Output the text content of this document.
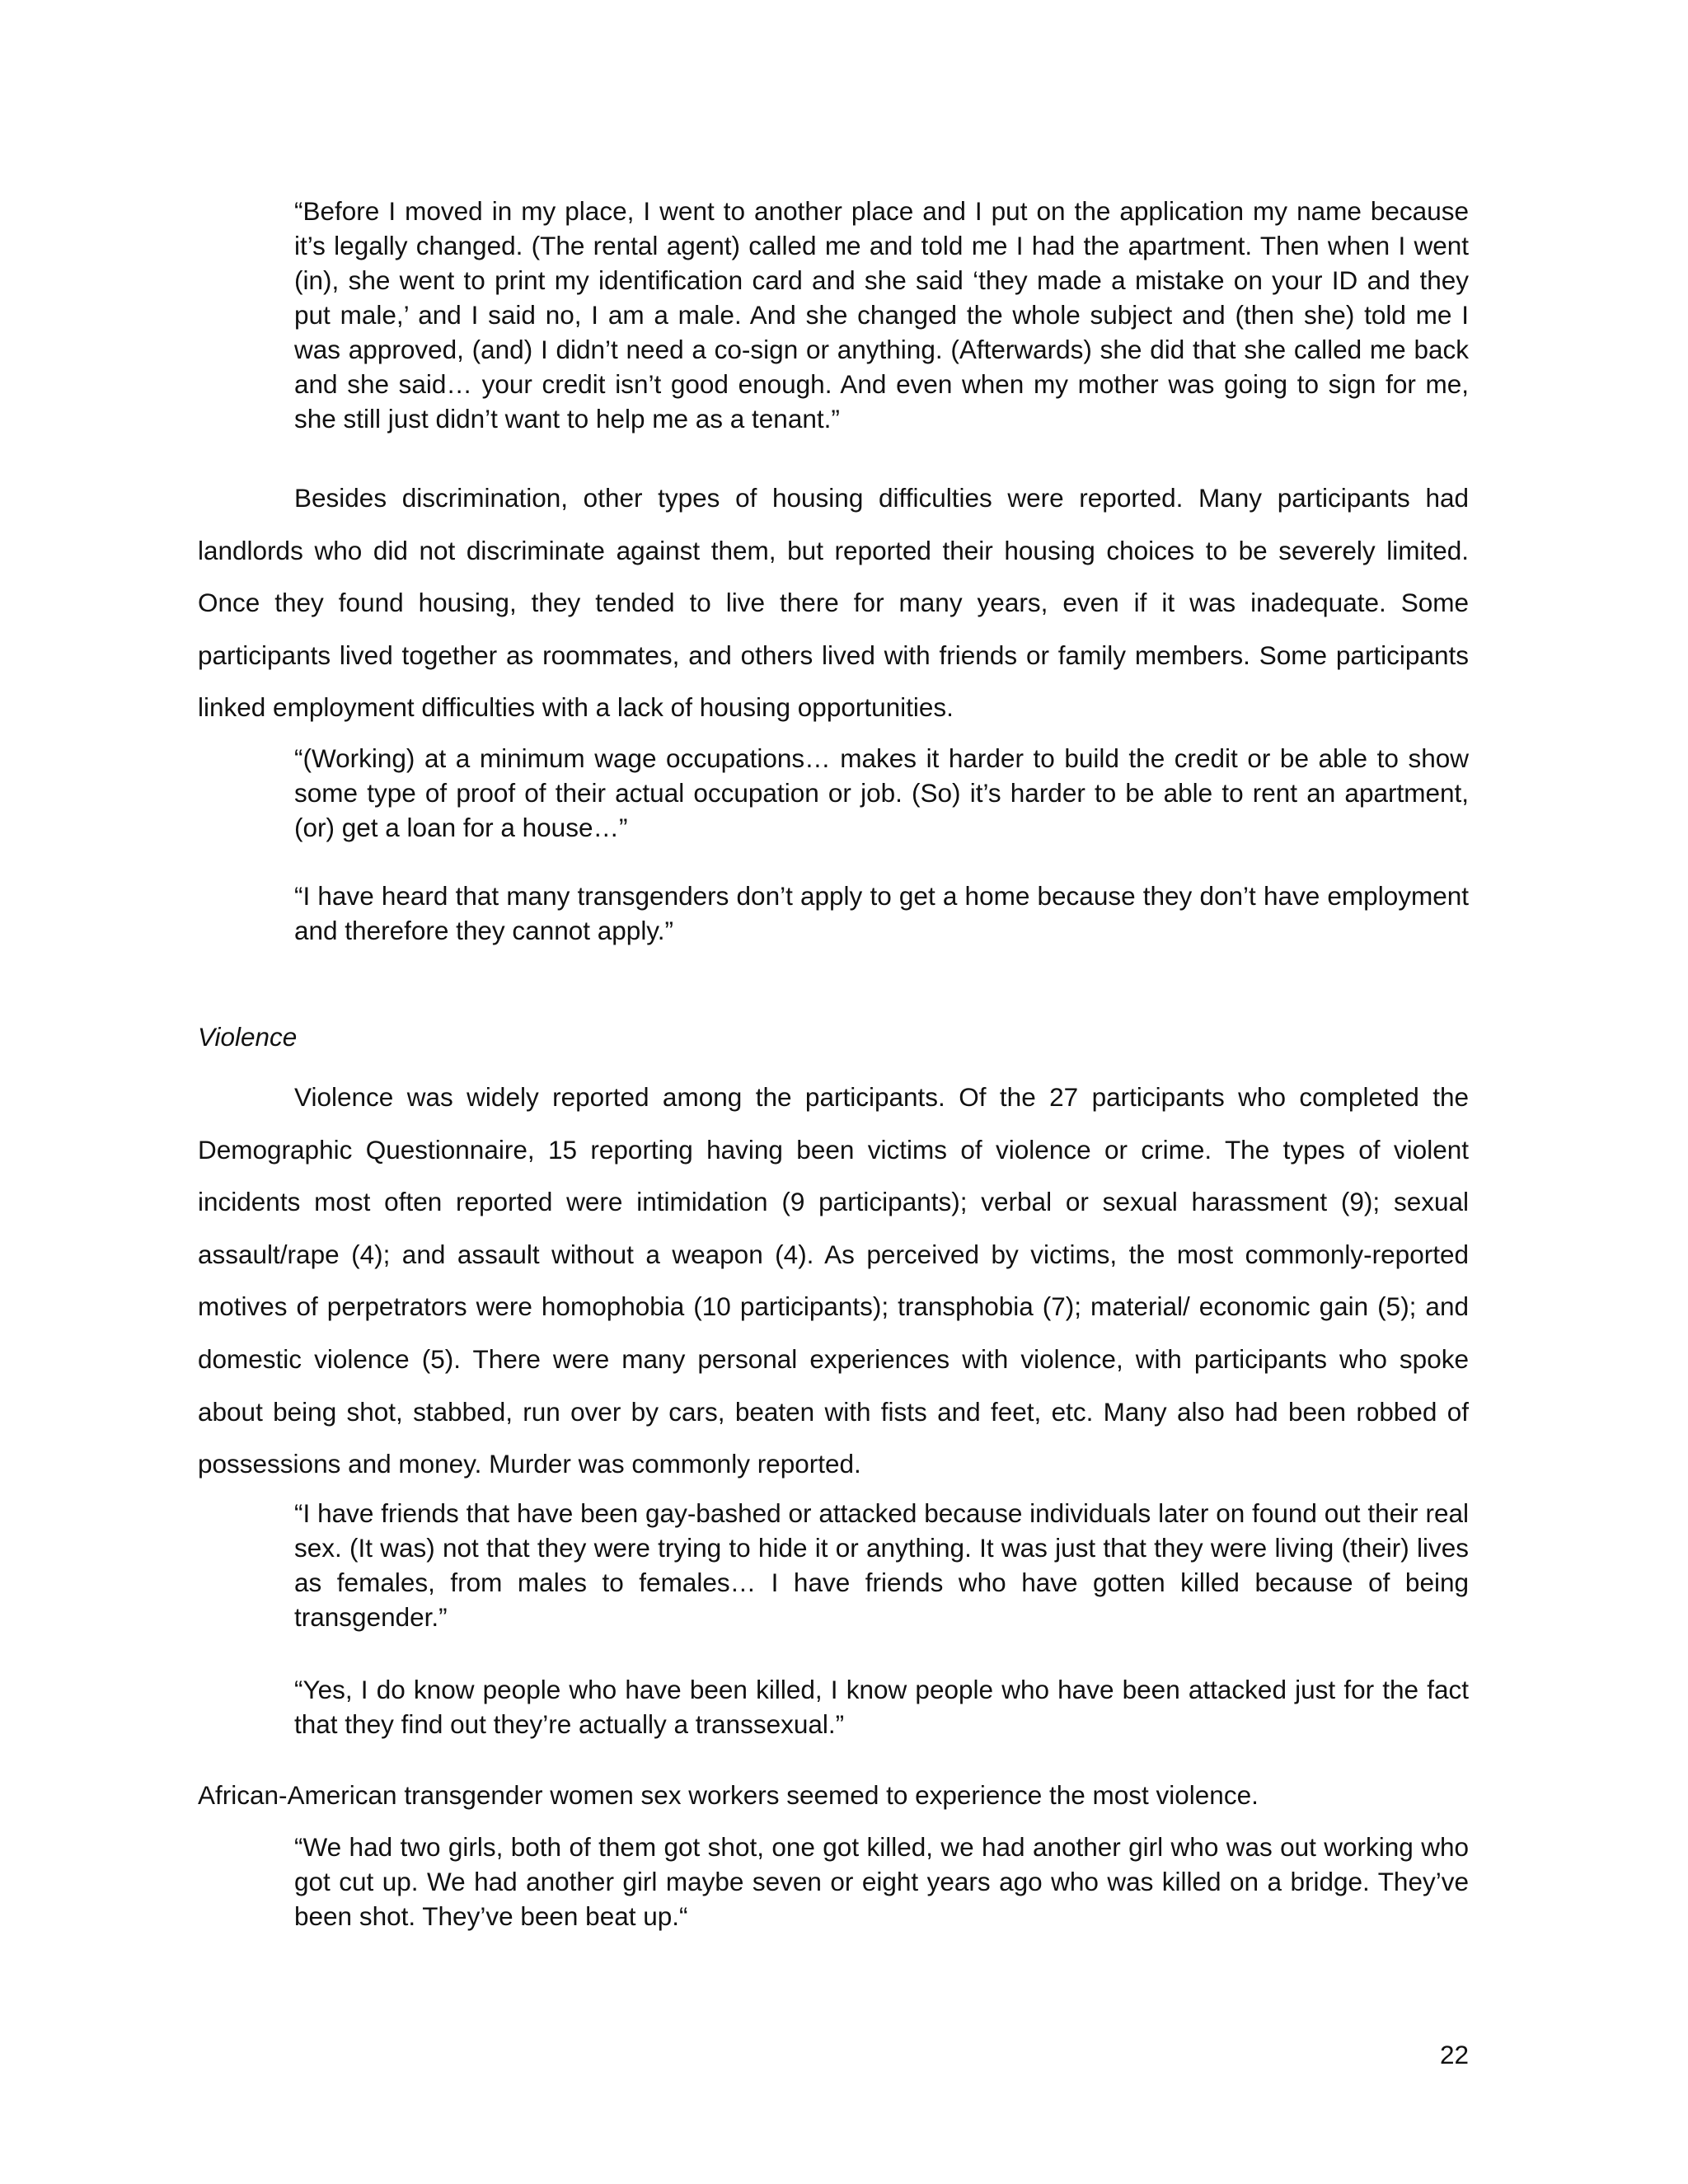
“Before I moved in my place, I went to another place and I put on the application my name because it’s legally changed. (The rental agent) called me and told me I had the apartment. Then when I went (in), she went to print my identification card and she said ‘they made a mistake on your ID and they put male,’ and I said no, I am a male. And she changed the whole subject and (then she) told me I was approved, (and) I didn’t need a co-sign or anything. (Afterwards) she did that she called me back and she said… your credit isn’t good enough. And even when my mother was going to sign for me, she still just didn’t want to help me as a tenant.”
Besides discrimination, other types of housing difficulties were reported. Many participants had landlords who did not discriminate against them, but reported their housing choices to be severely limited. Once they found housing, they tended to live there for many years, even if it was inadequate. Some participants lived together as roommates, and others lived with friends or family members. Some participants linked employment difficulties with a lack of housing opportunities.
“(Working) at a minimum wage occupations… makes it harder to build the credit or be able to show some type of proof of their actual occupation or job. (So) it’s harder to be able to rent an apartment, (or) get a loan for a house…”
“I have heard that many transgenders don’t apply to get a home because they don’t have employment and therefore they cannot apply.”
Violence
Violence was widely reported among the participants. Of the 27 participants who completed the Demographic Questionnaire, 15 reporting having been victims of violence or crime. The types of violent incidents most often reported were intimidation (9 participants); verbal or sexual harassment (9); sexual assault/rape (4); and assault without a weapon (4). As perceived by victims, the most commonly-reported motives of perpetrators were homophobia (10 participants); transphobia (7); material/ economic gain (5); and domestic violence (5). There were many personal experiences with violence, with participants who spoke about being shot, stabbed, run over by cars, beaten with fists and feet, etc. Many also had been robbed of possessions and money. Murder was commonly reported.
“I have friends that have been gay-bashed or attacked because individuals later on found out their real sex. (It was) not that they were trying to hide it or anything. It was just that they were living (their) lives as females, from males to females… I have friends who have gotten killed because of being transgender.”
“Yes, I do know people who have been killed, I know people who have been attacked just for the fact that they find out they’re actually a transsexual.”
African-American transgender women sex workers seemed to experience the most violence.
“We had two girls, both of them got shot, one got killed, we had another girl who was out working who got cut up. We had another girl maybe seven or eight years ago who was killed on a bridge. They’ve been shot. They’ve been beat up.“
22
